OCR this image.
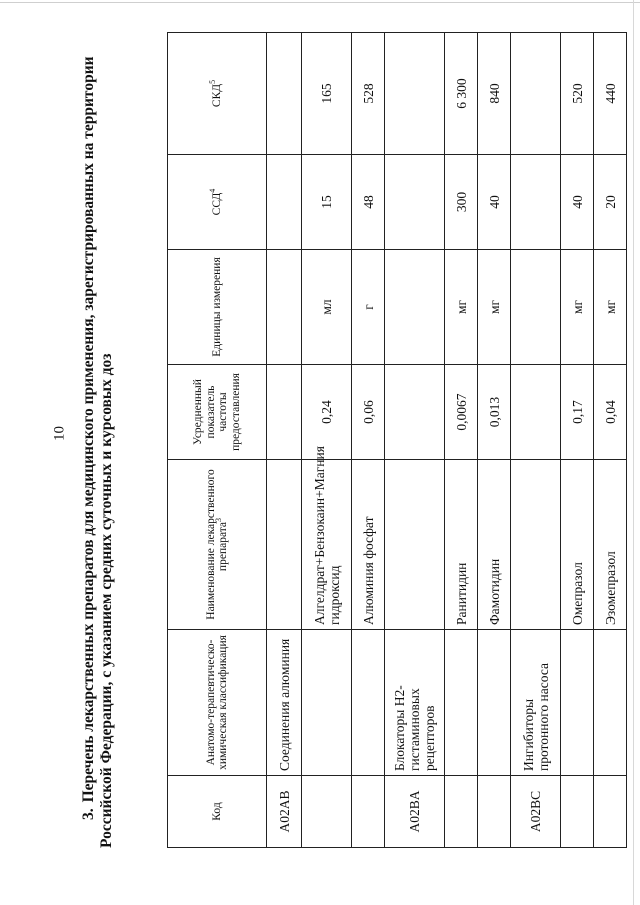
10
3.Перечень лекарственных препаратов для медицинского применения, зарегистрированных на территории Российской Федерации, с указанием средних суточных и курсовых доз	Код	Анатомо-терапевтическо-химическая классификация	Наименование лекарственного препарата$^3$	Усредненный показатель частоты предоставления	Единицы измерения	ССД$^4$	СКД$^5$
A02AB	Соединения алюминия					
		Алгелдрат+Бензокаин+Магния гидроксид	0,24	мл	15	165
		Алюминия фосфат	0,06	г	48	528
A02BA	Блокаторы H2-гистаминовых рецепторов					
		Ранитидин	0,0067	мг	300	6 300
		Фамотидин	0,013	мг	40	840
A02BC	Ингибиторы протонного насоса					
		Омепразол	0,17	мг	40	520
		Эзомепразол	0,04	мг	20	440
